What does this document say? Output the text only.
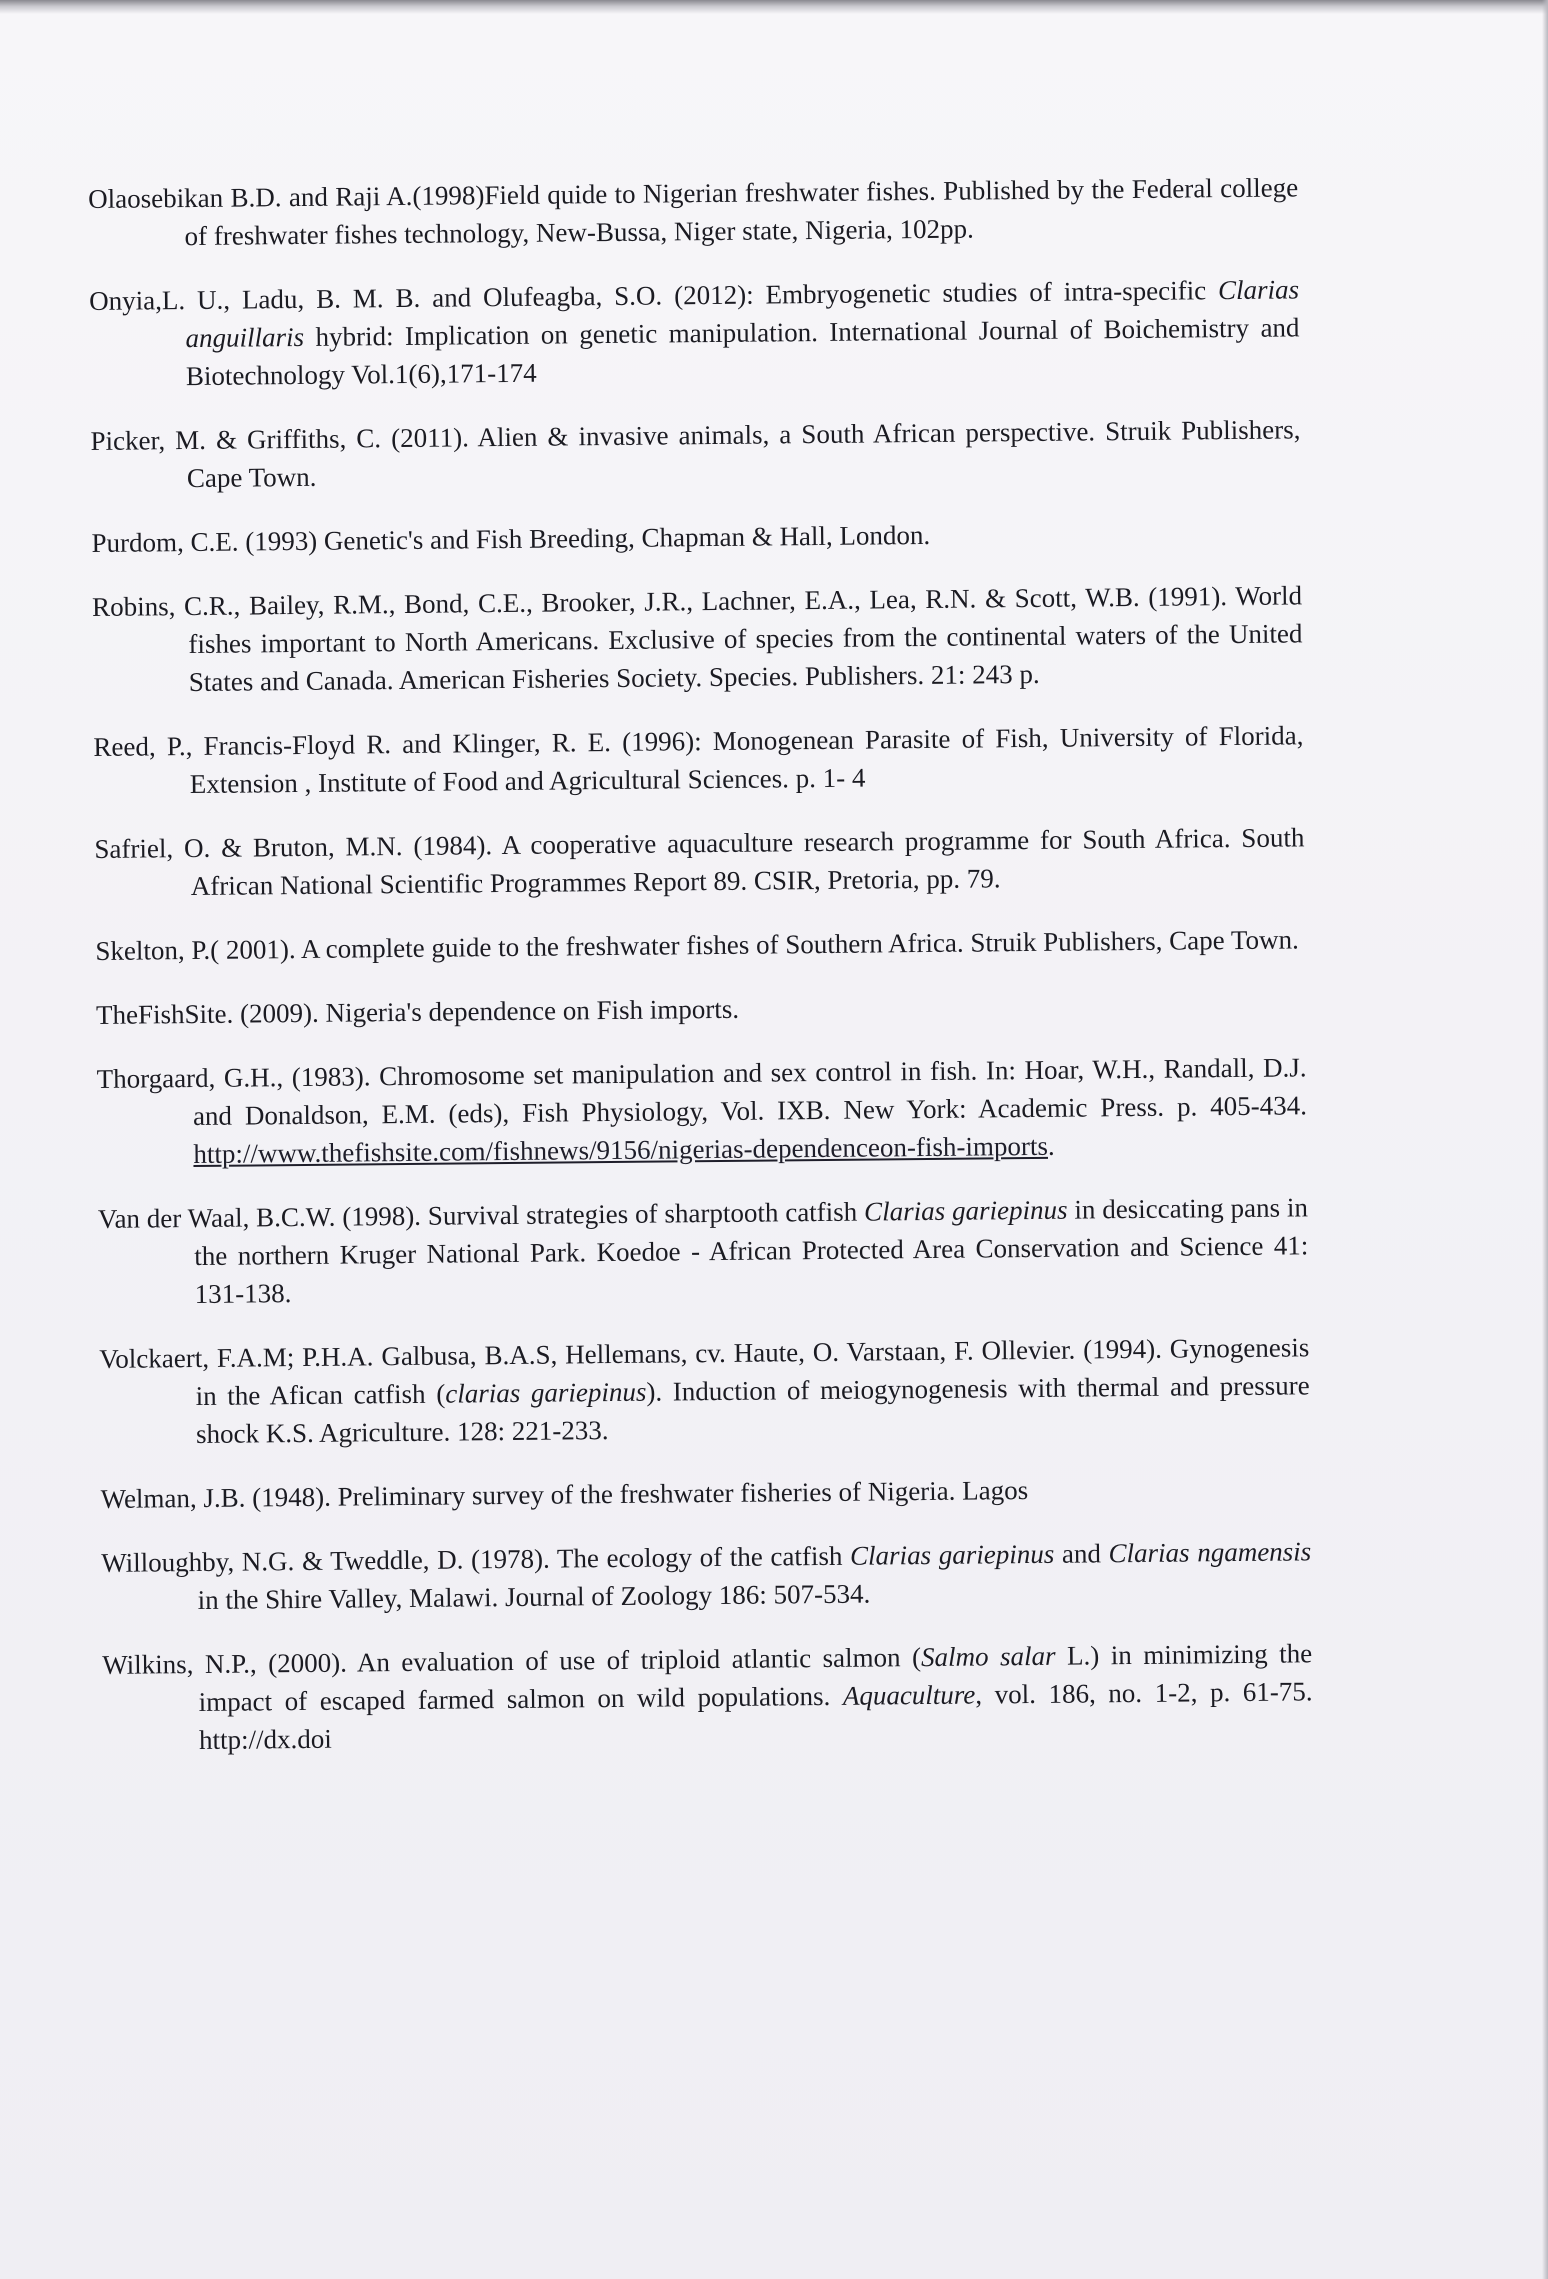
Olaosebikan B.D. and Raji A.(1998)Field quide to Nigerian freshwater fishes. Published by the Federal college of freshwater fishes technology, New-Bussa, Niger state, Nigeria, 102pp.

Onyia,L. U., Ladu, B. M. B. and Olufeagba, S.O. (2012): Embryogenetic studies of intra-specific Clarias anguillaris hybrid: Implication on genetic manipulation. International Journal of Boichemistry and Biotechnology Vol.1(6),171-174

Picker, M. & Griffiths, C. (2011). Alien & invasive animals, a South African perspective. Struik Publishers, Cape Town.

Purdom, C.E. (1993) Genetic's and Fish Breeding, Chapman & Hall, London.

Robins, C.R., Bailey, R.M., Bond, C.E., Brooker, J.R., Lachner, E.A., Lea, R.N. & Scott, W.B. (1991). World fishes important to North Americans. Exclusive of species from the continental waters of the United States and Canada. American Fisheries Society. Species. Publishers. 21: 243 p.

Reed, P., Francis-Floyd R. and Klinger, R. E. (1996): Monogenean Parasite of Fish, University of Florida, Extension , Institute of Food and Agricultural Sciences. p. 1- 4

Safriel, O. & Bruton, M.N. (1984). A cooperative aquaculture research programme for South Africa. South African National Scientific Programmes Report 89. CSIR, Pretoria, pp. 79.

Skelton, P.( 2001). A complete guide to the freshwater fishes of Southern Africa. Struik Publishers, Cape Town.

TheFishSite. (2009). Nigeria's dependence on Fish imports.

Thorgaard, G.H., (1983). Chromosome set manipulation and sex control in fish. In: Hoar, W.H., Randall, D.J. and Donaldson, E.M. (eds), Fish Physiology, Vol. IXB. New York: Academic Press. p. 405-434. http://www.thefishsite.com/fishnews/9156/nigerias-dependenceon-fish-imports.

Van der Waal, B.C.W. (1998). Survival strategies of sharptooth catfish Clarias gariepinus in desiccating pans in the northern Kruger National Park. Koedoe - African Protected Area Conservation and Science 41: 131-138.

Volckaert, F.A.M; P.H.A. Galbusa, B.A.S, Hellemans, cv. Haute, O. Varstaan, F. Ollevier. (1994). Gynogenesis in the Afican catfish (clarias gariepinus). Induction of meiogynogenesis with thermal and pressure shock K.S. Agriculture. 128: 221-233.

Welman, J.B. (1948). Preliminary survey of the freshwater fisheries of Nigeria. Lagos

Willoughby, N.G. & Tweddle, D. (1978). The ecology of the catfish Clarias gariepinus and Clarias ngamensis in the Shire Valley, Malawi. Journal of Zoology 186: 507-534.

Wilkins, N.P., (2000). An evaluation of use of triploid atlantic salmon (Salmo salar L.) in minimizing the impact of escaped farmed salmon on wild populations. Aquaculture, vol. 186, no. 1-2, p. 61-75. http://dx.doi
